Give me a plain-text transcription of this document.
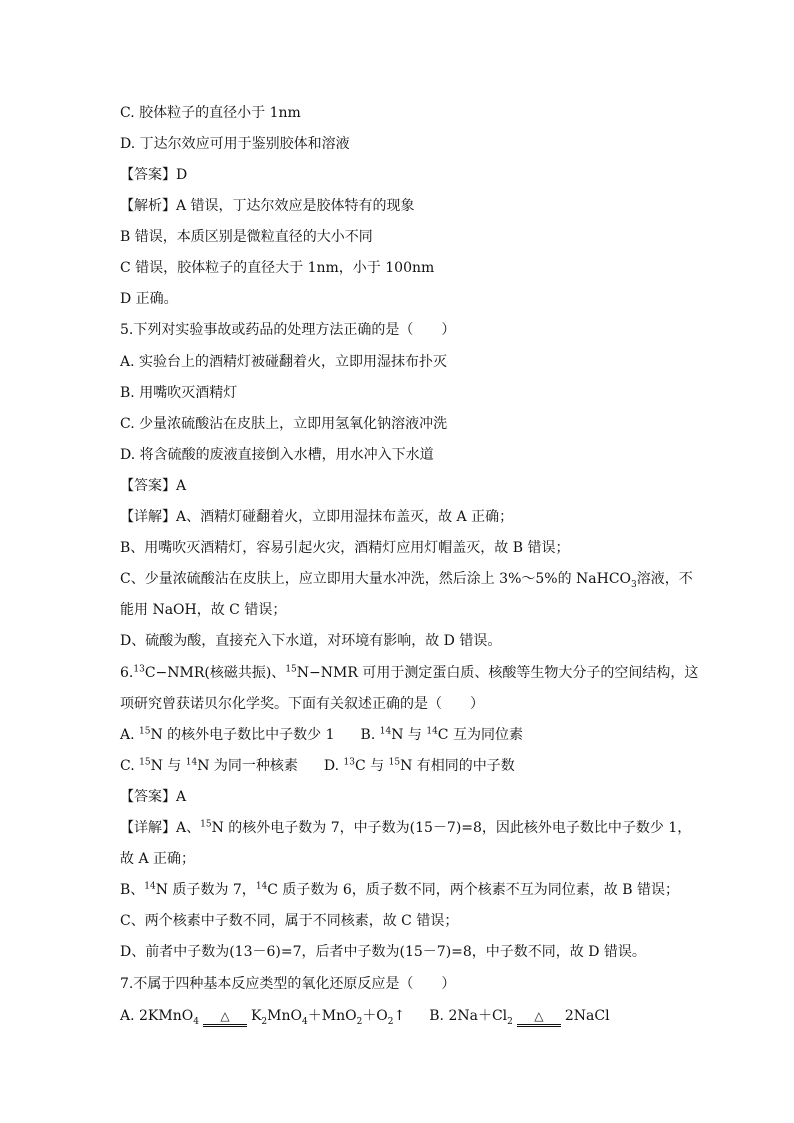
C. 胶体粒子的直径小于 1nm
D. 丁达尔效应可用于鉴别胶体和溶液
【答案】D
【解析】A 错误，丁达尔效应是胶体特有的现象
B 错误，本质区别是微粒直径的大小不同
C 错误，胶体粒子的直径大于 1nm，小于 100nm
D 正确。
5.下列对实验事故或药品的处理方法正确的是（　　）
A. 实验台上的酒精灯被碰翻着火，立即用湿抹布扑灭
B. 用嘴吹灭酒精灯
C. 少量浓硫酸沾在皮肤上，立即用氢氧化钠溶液冲洗
D. 将含硫酸的废液直接倒入水槽，用水冲入下水道
【答案】A
【详解】A、酒精灯碰翻着火，立即用湿抹布盖灭，故 A 正确；
B、用嘴吹灭酒精灯，容易引起火灾，酒精灯应用灯帽盖灭，故 B 错误；
C、少量浓硫酸沾在皮肤上，应立即用大量水冲洗，然后涂上 3%～5%的 NaHCO$_3$溶液，不
能用 NaOH，故 C 错误；
D、硫酸为酸，直接充入下水道，对环境有影响，故 D 错误。
6.13C−NMR(核磁共振)、$^{15}$N−NMR 可用于测定蛋白质、核酸等生物大分子的空间结构，这
项研究曾获诺贝尔化学奖。下面有关叙述正确的是（　　）
A. $^{15}$N 的核外电子数比中子数少 1 B. $^{14}$N 与 $^{14}$C 互为同位素
C. $^{15}$N 与 $^{14}$N 为同一种核素 D. $^{13}$C 与 $^{15}$N 有相同的中子数
【答案】A
【详解】A、$^{15}$N 的核外电子数为 7，中子数为(15－7)=8，因此核外电子数比中子数少 1，
故 A 正确；
B、$^{14}$N 质子数为 7，$^{14}$C 质子数为 6，质子数不同，两个核素不互为同位素，故 B 错误；
C、两个核素中子数不同，属于不同核素，故 C 错误；
D、前者中子数为(13－6)=7，后者中子数为(15－7)=8，中子数不同，故 D 错误。
7.不属于四种基本反应类型的氧化还原反应是（　　）
A. 2KMnO$_4$ △ $K_2MnO_4+MnO_2+O_2↑$ B. $2Na+Cl_2$ △ 2NaCl
